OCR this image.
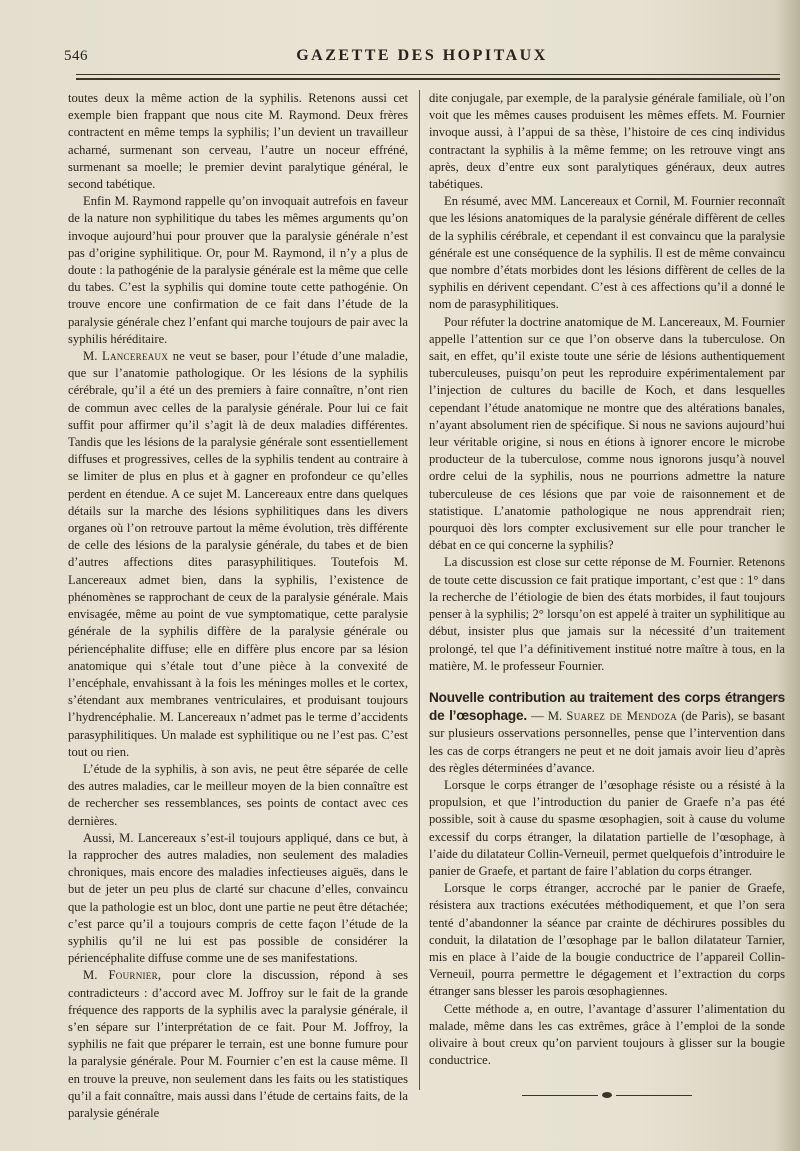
546	GAZETTE DES HOPITAUX

toutes deux la même action de la syphilis. Retenons aussi cet exemple bien frappant que nous cite M. Raymond. Deux frères contractent en même temps la syphilis; l’un devient un travailleur acharné, surmenant son cerveau, l’autre un noceur effréné, surmenant sa moelle; le premier devint paralytique général, le second tabétique.

Enfin M. Raymond rappelle qu’on invoquait autrefois en faveur de la nature non syphilitique du tabes les mêmes arguments qu’on invoque aujourd’hui pour prouver que la paralysie générale n’est pas d’origine syphilitique. Or, pour M. Raymond, il n’y a plus de doute : la pathogénie de la paralysie générale est la même que celle du tabes. C’est la syphilis qui domine toute cette pathogénie. On trouve encore une confirmation de ce fait dans l’étude de la paralysie générale chez l’enfant qui marche toujours de pair avec la syphilis héréditaire.

M. Lancereaux ne veut se baser, pour l’étude d’une maladie, que sur l’anatomie pathologique. Or les lésions de la syphilis cérébrale, qu’il a été un des premiers à faire connaître, n’ont rien de commun avec celles de la paralysie générale. Pour lui ce fait suffit pour affirmer qu’il s’agit là de deux maladies différentes. Tandis que les lésions de la paralysie générale sont essentiellement diffuses et progressives, celles de la syphilis tendent au contraire à se limiter de plus en plus et à gagner en profondeur ce qu’elles perdent en étendue. A ce sujet M. Lancereaux entre dans quelques détails sur la marche des lésions syphilitiques dans les divers organes où l’on retrouve partout la même évolution, très différente de celle des lésions de la paralysie générale, du tabes et de bien d’autres affections dites parasyphilitiques. Toutefois M. Lancereaux admet bien, dans la syphilis, l’existence de phénomènes se rapprochant de ceux de la paralysie générale. Mais envisagée, même au point de vue symptomatique, cette paralysie générale de la syphilis diffère de la paralysie générale ou périencéphalite diffuse; elle en diffère plus encore par sa lésion anatomique qui s’étale tout d’une pièce à la convexité de l’encéphale, envahissant à la fois les méninges molles et le cortex, s’étendant aux membranes ventriculaires, et produisant toujours l’hydrencéphalie. M. Lancereaux n’admet pas le terme d’accidents parasyphilitiques. Un malade est syphilitique ou ne l’est pas. C’est tout ou rien.

L’étude de la syphilis, à son avis, ne peut être séparée de celle des autres maladies, car le meilleur moyen de la bien connaître est de rechercher ses ressemblances, ses points de contact avec ces dernières.

Aussi, M. Lancereaux s’est-il toujours appliqué, dans ce but, à la rapprocher des autres maladies, non seulement des maladies chroniques, mais encore des maladies infectieuses aiguës, dans le but de jeter un peu plus de clarté sur chacune d’elles, convaincu que la pathologie est un bloc, dont une partie ne peut être détachée; c’est parce qu’il a toujours compris de cette façon l’étude de la syphilis qu’il ne lui est pas possible de considérer la périencéphalite diffuse comme une de ses manifestations.

M. Fournier, pour clore la discussion, répond à ses contradicteurs : d’accord avec M. Joffroy sur le fait de la grande fréquence des rapports de la syphilis avec la paralysie générale, il s’en sépare sur l’interprétation de ce fait. Pour M. Joffroy, la syphilis ne fait que préparer le terrain, est une bonne fumure pour la paralysie générale. Pour M. Fournier c’en est la cause même. Il en trouve la preuve, non seulement dans les faits ou les statistiques qu’il a fait connaître, mais aussi dans l’étude de certains faits, de la paralysie générale

dite conjugale, par exemple, de la paralysie générale familiale, où l’on voit que les mêmes causes produisent les mêmes effets. M. Fournier invoque aussi, à l’appui de sa thèse, l’histoire de ces cinq individus contractant la syphilis à la même femme; on les retrouve vingt ans après, deux d’entre eux sont paralytiques généraux, deux autres tabétiques.

En résumé, avec MM. Lancereaux et Cornil, M. Fournier reconnaît que les lésions anatomiques de la paralysie générale diffèrent de celles de la syphilis cérébrale, et cependant il est convaincu que la paralysie générale est une conséquence de la syphilis. Il est de même convaincu que nombre d’états morbides dont les lésions diffèrent de celles de la syphilis en dérivent cependant. C’est à ces affections qu’il a donné le nom de parasyphilitiques.

Pour réfuter la doctrine anatomique de M. Lancereaux, M. Fournier appelle l’attention sur ce que l’on observe dans la tuberculose. On sait, en effet, qu’il existe toute une série de lésions authentiquement tuberculeuses, puisqu’on peut les reproduire expérimentalement par l’injection de cultures du bacille de Koch, et dans lesquelles cependant l’étude anatomique ne montre que des altérations banales, n’ayant absolument rien de spécifique. Si nous ne savions aujourd’hui leur véritable origine, si nous en étions à ignorer encore le microbe producteur de la tuberculose, comme nous ignorons jusqu’à nouvel ordre celui de la syphilis, nous ne pourrions admettre la nature tuberculeuse de ces lésions que par voie de raisonnement et de statistique. L’anatomie pathologique ne nous apprendrait rien; pourquoi dès lors compter exclusivement sur elle pour trancher le débat en ce qui concerne la syphilis?

La discussion est close sur cette réponse de M. Fournier. Retenons de toute cette discussion ce fait pratique important, c’est que : 1° dans la recherche de l’étiologie de bien des états morbides, il faut toujours penser à la syphilis; 2° lorsqu’on est appelé à traiter un syphilitique au début, insister plus que jamais sur la nécessité d’un traitement prolongé, tel que l’a définitivement institué notre maître à tous, en la matière, M. le professeur Fournier.

Nouvelle contribution au traitement des corps étrangers de l’œsophage. — M. Suarez de Mendoza (de Paris), se basant sur plusieurs osservations personnelles, pense que l’intervention dans les cas de corps étrangers ne peut et ne doit jamais avoir lieu d’après des règles déterminées d’avance.

Lorsque le corps étranger de l’œsophage résiste ou a résisté à la propulsion, et que l’introduction du panier de Graefe n’a pas été possible, soit à cause du spasme œsophagien, soit à cause du volume excessif du corps étranger, la dilatation partielle de l’œsophage, à l’aide du dilatateur Collin-Verneuil, permet quelquefois d’introduire le panier de Graefe, et partant de faire l’ablation du corps étranger.

Lorsque le corps étranger, accroché par le panier de Graefe, résistera aux tractions exécutées méthodiquement, et que l’on sera tenté d’abandonner la séance par crainte de déchirures possibles du conduit, la dilatation de l’œsophage par le ballon dilatateur Tarnier, mis en place à l’aide de la bougie conductrice de l’appareil Collin-Verneuil, pourra permettre le dégagement et l’extraction du corps étranger sans blesser les parois œsophagiennes.

Cette méthode a, en outre, l’avantage d’assurer l’alimentation du malade, même dans les cas extrêmes, grâce à l’emploi de la sonde olivaire à bout creux qu’on parvient toujours à glisser sur la bougie conductrice.
